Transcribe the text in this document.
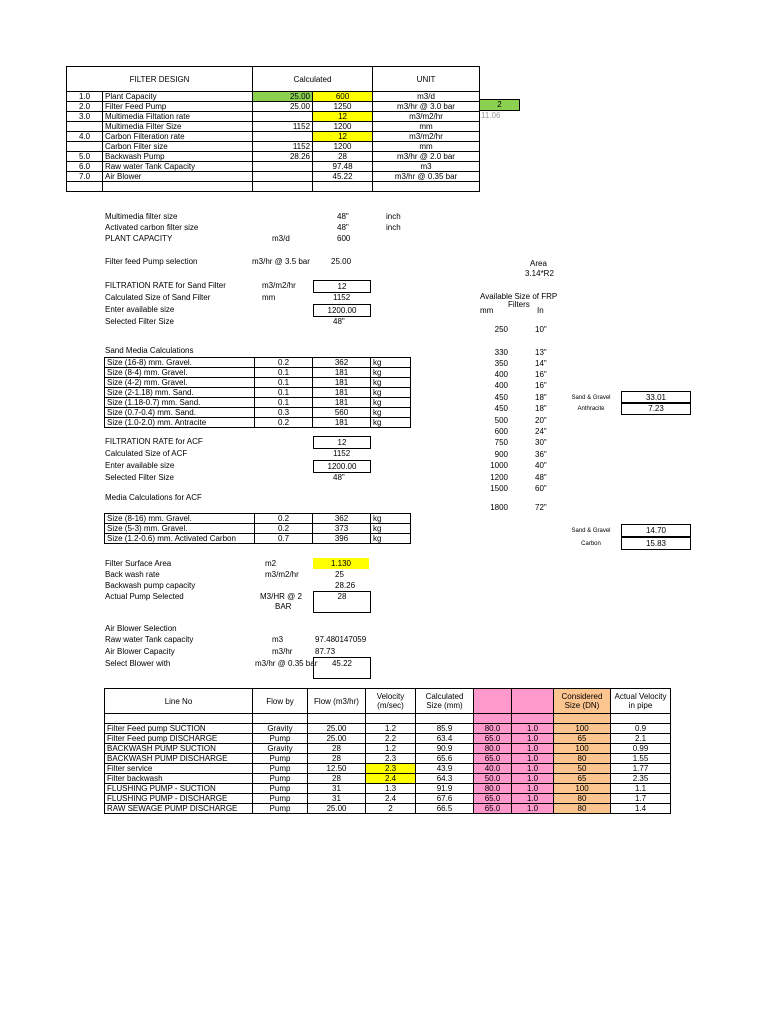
FILTER DESIGN		Calculated		UNIT
1.0	Plant Capacity	25.00	600	m3/d
2.0	Filter Feed Pump	25.00	1250	m3/hr @ 3.0 bar
3.0	Multimedia Filtation rate		12	m3/m2/hr
	Multimedia Filter Size	1152	1200	mm
4.0	Carbon Filteration rate		12	m3/m2/hr
	Carbon Filter size	1152	1200	mm
5.0	Backwash Pump	28.26	28	m3/hr @ 2.0 bar
6.0	Raw water Tank Capacity		97.48	m3
7.0	Air Blower		45.22	m3/hr @ 0.35 bar

2
11.06
Multimedia filter size	48"	inch
Activated carbon filter size	48"	inch
PLANT CAPACITY	m3/d	600
Filter feed Pump selection	m3/hr @ 3.5 bar	25.00
FILTRATION RATE for Sand Filter	m3/m2/hr	12
Calculated Size of Sand Filter	mm	1152
Enter available size	1200.00
Selected Filter Size	48"
Sand Media Calculations
Size (16-8) mm. Gravel.	0.2	362	kg
Size (8-4) mm. Gravel.	0.1	181	kg
Size (4-2) mm. Gravel.	0.1	181	kg
Size (2-1.18) mm. Sand.	0.1	181	kg
Size (1.18-0.7) mm. Sand.	0.1	181	kg
Size (0.7-0.4) mm. Sand.	0.3	560	kg
Size (1.0-2.0) mm. Antracite	0.2	181	kg
FILTRATION RATE for ACF	12
Calculated Size of ACF	1152
Enter available size	1200.00
Selected Filter Size	48"
Media Calculations for ACF
Size (8-16) mm. Gravel.	0.2	362	kg
Size (5-3) mm. Gravel.	0.2	373	kg
Size (1.2-0.6) mm. Activated Carbon	0.7	396	kg
Filter Surface Area	m2	1.130
Back wash rate	m3/m2/hr	25
Backwash pump capacity	28.26
Actual Pump Selected	M3/HR @ 2
BAR
28
Air Blower Selection
Raw water Tank capacity	m3	97.480147059
Air Blower Capacity	m3/hr	87.73
Select Blower with	m3/hr @ 0.35 bar	45.22
Area
3.14*R2
Available Size of FRP
Filters
mm	In
250	10"
330	13"
350	14"
400	16"
400	16"
450	18"
450	18"
500	20"
600	24"
750	30"
900	36"
1000	40"
1200	48"
1500	60"
1800	72"
Sand & Gravel	33.01
Anthracite	7.23
Sand & Gravel	14.70
Carbon	15.83
Line No	Flow by	Flow (m3/hr)	Velocity (m/sec)	Calculated Size (mm)			Considered Size (DN)	Actual Velocity in pipe

Filter Feed pump SUCTION	Gravity	25.00	1.2	85.9	80.0	1.0	100	0.9
Filter Feed pump DISCHARGE	Pump	25.00	2.2	63.4	65.0	1.0	65	2.1
BACKWASH PUMP SUCTION	Gravity	28	1.2	90.9	80.0	1.0	100	0.99
BACKWASH PUMP DISCHARGE	Pump	28	2.3	65.6	65.0	1.0	80	1.55
Filter service	Pump	12.50	2.3	43.9	40.0	1.0	50	1.77
Filter backwash	Pump	28	2.4	64.3	50.0	1.0	65	2.35
FLUSHING PUMP - SUCTION	Pump	31	1.3	91.9	80.0	1.0	100	1.1
FLUSHING PUMP - DISCHARGE	Pump	31	2.4	67.6	65.0	1.0	80	1.7
RAW SEWAGE PUMP DISCHARGE	Pump	25.00	2	66.5	65.0	1.0	80	1.4
